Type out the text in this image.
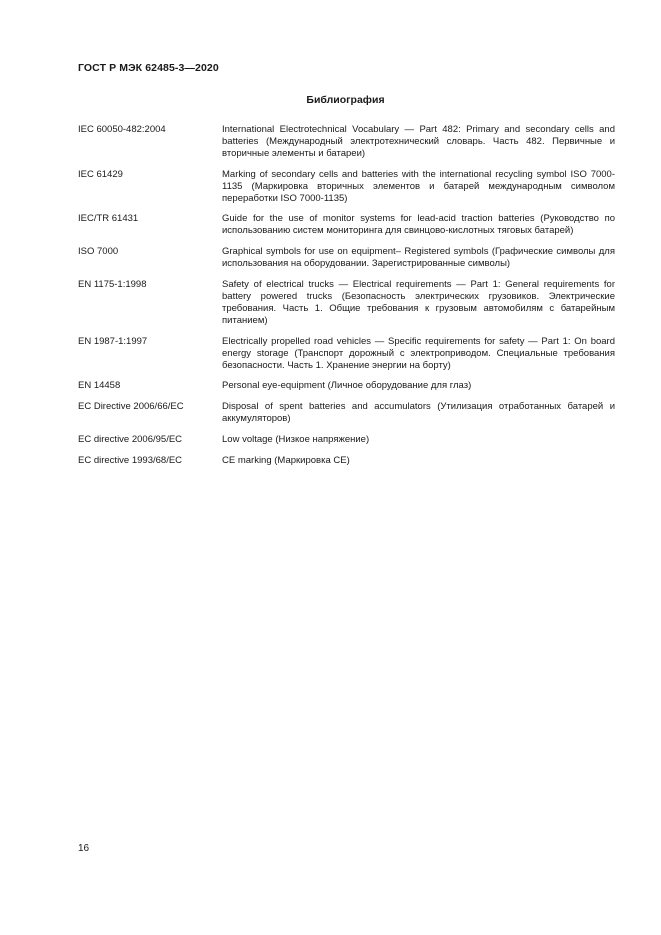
ГОСТ Р МЭК 62485-3—2020
Библиография
IEC 60050-482:2004	International Electrotechnical Vocabulary — Part 482: Primary and secondary cells and batteries (Международный электротехнический словарь. Часть 482. Первичные и вторичные элементы и батареи)
IEC 61429	Marking of secondary cells and batteries with the international recycling symbol ISO 7000-1135 (Маркировка вторичных элементов и батарей международным символом переработки ISO 7000-1135)
IEC/TR 61431	Guide for the use of monitor systems for lead-acid traction batteries (Руководство по использованию систем мониторинга для свинцово-кислотных тяговых батарей)
ISO 7000	Graphical symbols for use on equipment– Registered symbols (Графические символы для использования на оборудовании. Зарегистрированные символы)
EN 1175-1:1998	Safety of electrical trucks — Electrical requirements — Part 1: General requirements for battery powered trucks (Безопасность электрических грузовиков. Электрические требования. Часть 1. Общие требования к грузовым автомобилям с батарейным питанием)
EN 1987-1:1997	Electrically propelled road vehicles — Specific requirements for safety — Part 1: On board energy storage (Транспорт дорожный с электроприводом. Специальные требования безопасности. Часть 1. Хранение энергии на борту)
EN 14458	Personal eye-equipment (Личное оборудование для глаз)
EC Directive 2006/66/EC	Disposal of spent batteries and accumulators (Утилизация отработанных батарей и аккумуляторов)
EC directive 2006/95/EC	Low voltage (Низкое напряжение)
EC directive 1993/68/EC	CE marking (Маркировка CE)
16
